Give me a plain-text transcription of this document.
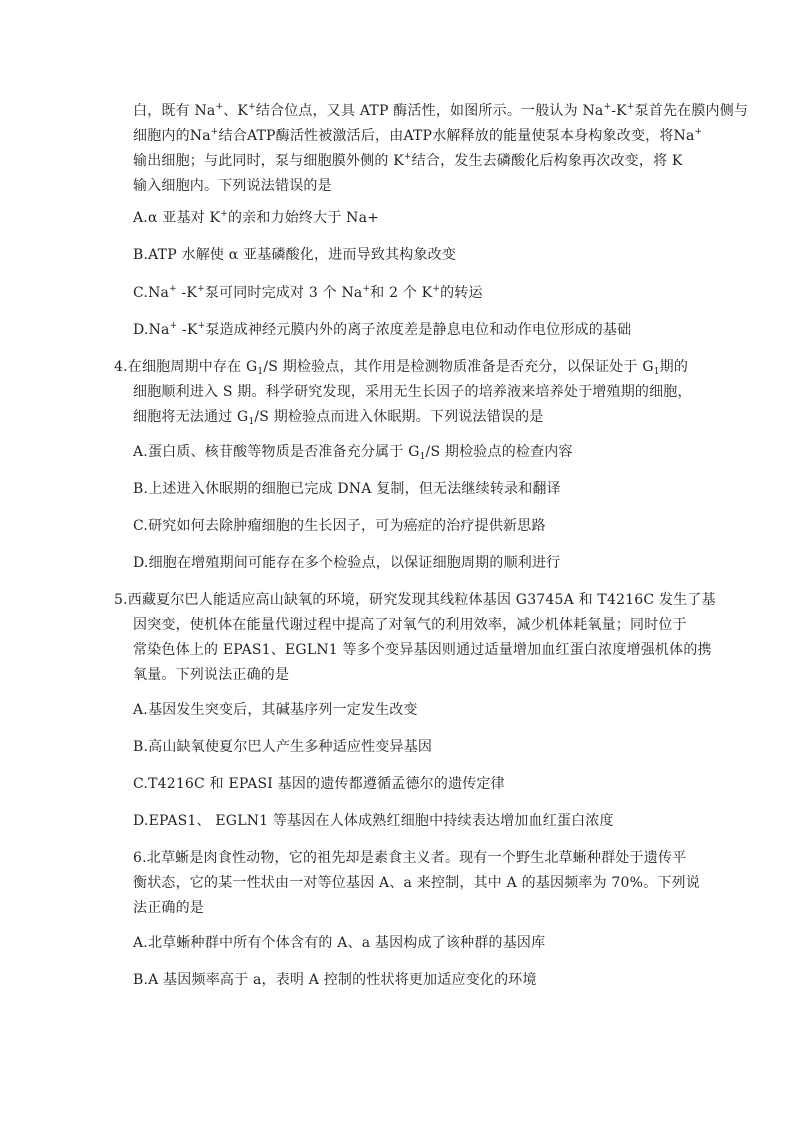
白，既有 Na+、K+结合位点，又具 ATP 酶活性，如图所示。一般认为 Na+-K+泵首先在膜内侧与
细胞内的Na+结合ATP酶活性被激活后，由ATP水解释放的能量使泵本身构象改变，将Na+
输出细胞；与此同时，泵与细胞膜外侧的 K+结合，发生去磷酸化后构象再次改变，将 K
输入细胞内。下列说法错误的是
A.α 亚基对 K+的亲和力始终大于 Na+
B.ATP 水解使 α 亚基磷酸化，进而导致其构象改变
C.Na+ -K+泵可同时完成对 3 个 Na+和 2 个 K+的转运
D.Na+ -K+泵造成神经元膜内外的离子浓度差是静息电位和动作电位形成的基础
4.在细胞周期中存在 $G_1/S$ 期检验点，其作用是检测物质准备是否充分，以保证处于 $G_1$期的
细胞顺利进入 S 期。科学研究发现，采用无生长因子的培养液来培养处于增殖期的细胞，
细胞将无法通过 $G_1/S$ 期检验点而进入休眠期。下列说法错误的是
A.蛋白质、核苷酸等物质是否准备充分属于 $G_1/S$ 期检验点的检查内容
B.上述进入休眠期的细胞已完成 DNA 复制，但无法继续转录和翻译
C.研究如何去除肿瘤细胞的生长因子，可为癌症的治疗提供新思路
D.细胞在增殖期间可能存在多个检验点，以保证细胞周期的顺利进行
5.西藏夏尔巴人能适应高山缺氧的环境，研究发现其线粒体基因 G3745A 和 T4216C 发生了基
因突变，使机体在能量代谢过程中提高了对氧气的利用效率，减少机体耗氧量；同时位于
常染色体上的 EPAS1、EGLN1 等多个变异基因则通过适量增加血红蛋白浓度增强机体的携
氧量。下列说法正确的是
A.基因发生突变后，其碱基序列一定发生改变
B.高山缺氧使夏尔巴人产生多种适应性变异基因
C.T4216C 和 EPASI 基因的遗传都遵循孟德尔的遗传定律
D.EPAS1、 EGLN1 等基因在人体成熟红细胞中持续表达增加血红蛋白浓度
6.北草蜥是肉食性动物，它的祖先却是素食主义者。现有一个野生北草蜥种群处于遗传平
衡状态，它的某一性状由一对等位基因 A、a 来控制，其中 A 的基因频率为 70%。下列说
法正确的是
A.北草蜥种群中所有个体含有的 A、a 基因构成了该种群的基因库
B.A 基因频率高于 a，表明 A 控制的性状将更加适应变化的环境
